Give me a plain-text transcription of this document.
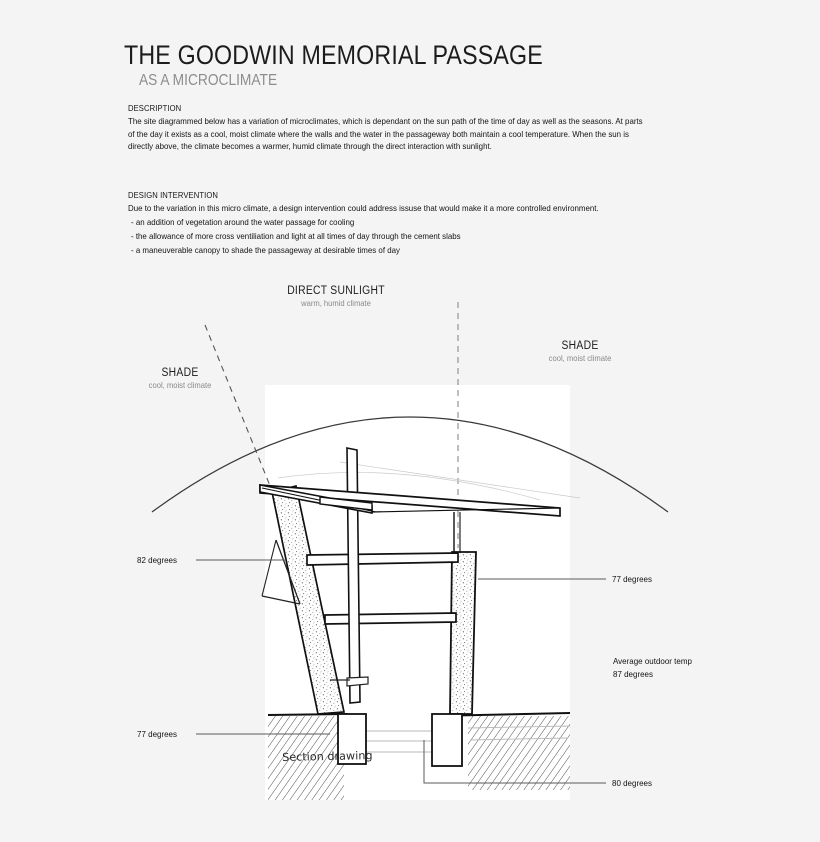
THE GOODWIN MEMORIAL PASSAGE
AS A MICROCLIMATE
DESCRIPTION
The site diagrammed below has a variation of microclimates, which is dependant on the sun path of the time of day as well as the seasons. At parts of the day it exists as a cool, moist climate where the walls and the water in the passageway both maintain a cool temperature. When the sun is directly above, the climate becomes a warmer, humid climate through the direct interaction with sunlight.
DESIGN INTERVENTION
Due to the variation in this micro climate, a design intervention could address issuse that would make it a more controlled environment.
- an addition of vegetation around the water passage for cooling
- the allowance of more cross ventiliation and light at all times of day through the cement slabs
- a maneuverable canopy to shade the passageway at desirable times of day
DIRECT SUNLIGHT
warm, humid climate
SHADE
cool, moist climate
SHADE
cool, moist climate
82 degrees
77 degrees
77 degrees
80 degrees
Average outdoor temp
87 degrees
Section drawing
